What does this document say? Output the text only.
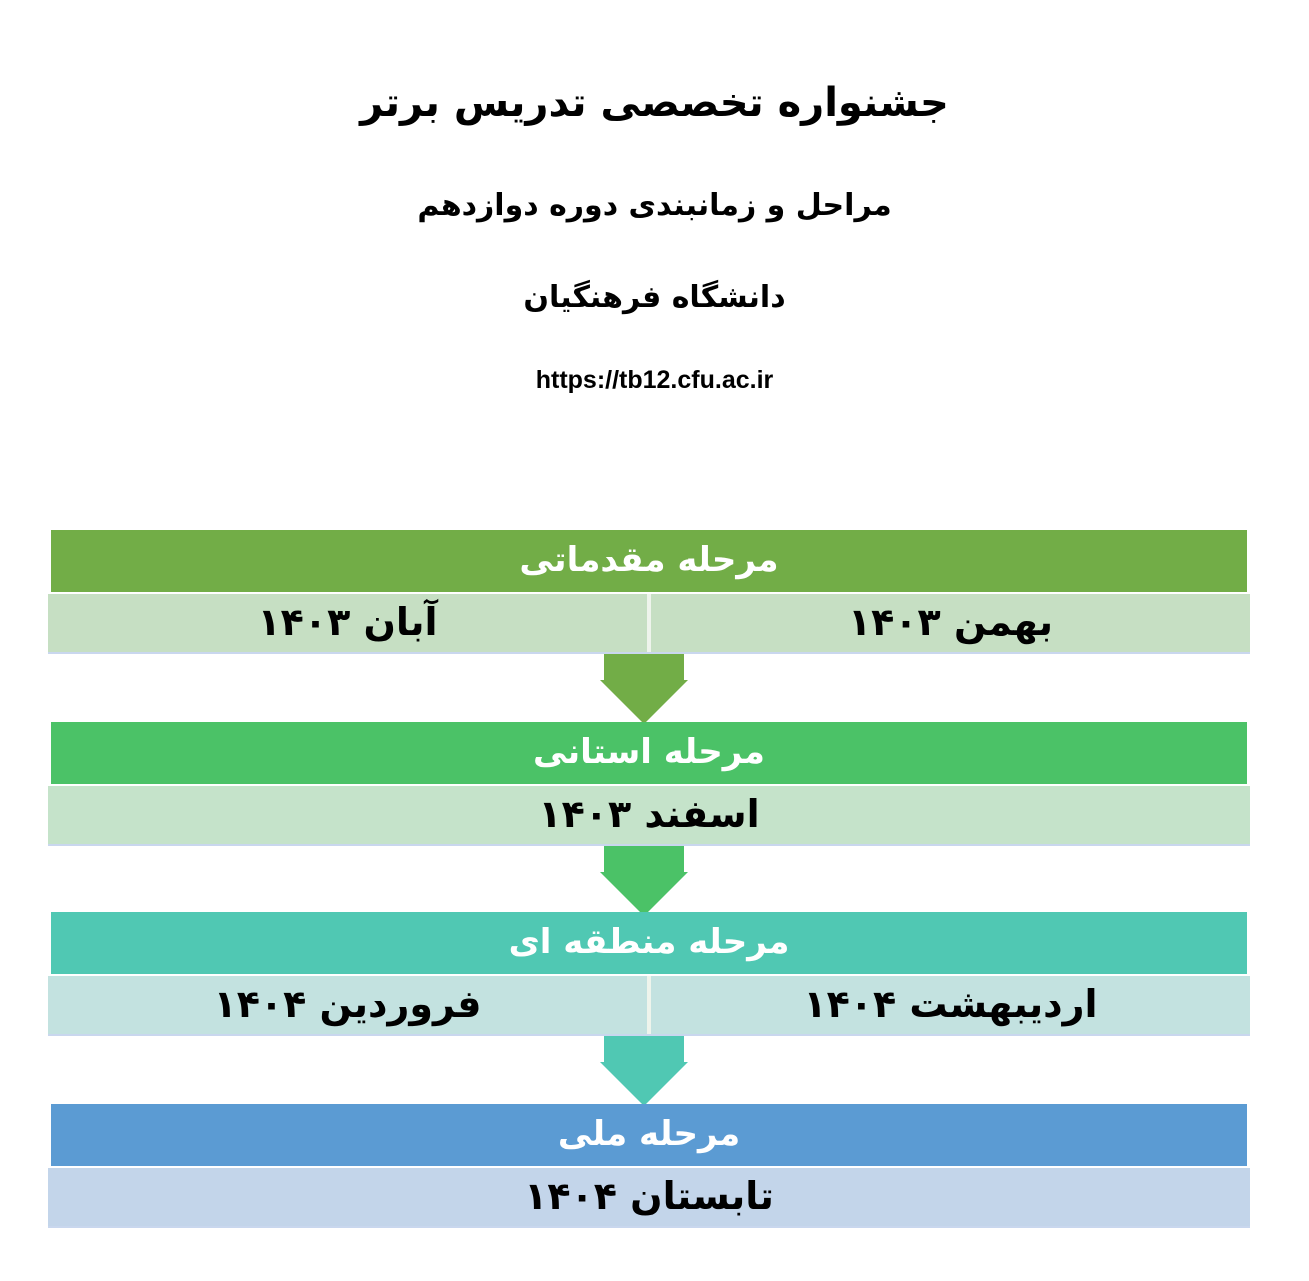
جشنواره تخصصی تدریس برتر
مراحل و زمانبندی دوره دوازدهم
دانشگاه فرهنگیان
https://tb12.cfu.ac.ir
مرحله مقدماتی
بهمن ۱۴۰۳
آبان ۱۴۰۳
مرحله استانی
اسفند ۱۴۰۳
مرحله منطقه ای
اردیبهشت ۱۴۰۴
فروردین ۱۴۰۴
مرحله ملی
تابستان ۱۴۰۴
